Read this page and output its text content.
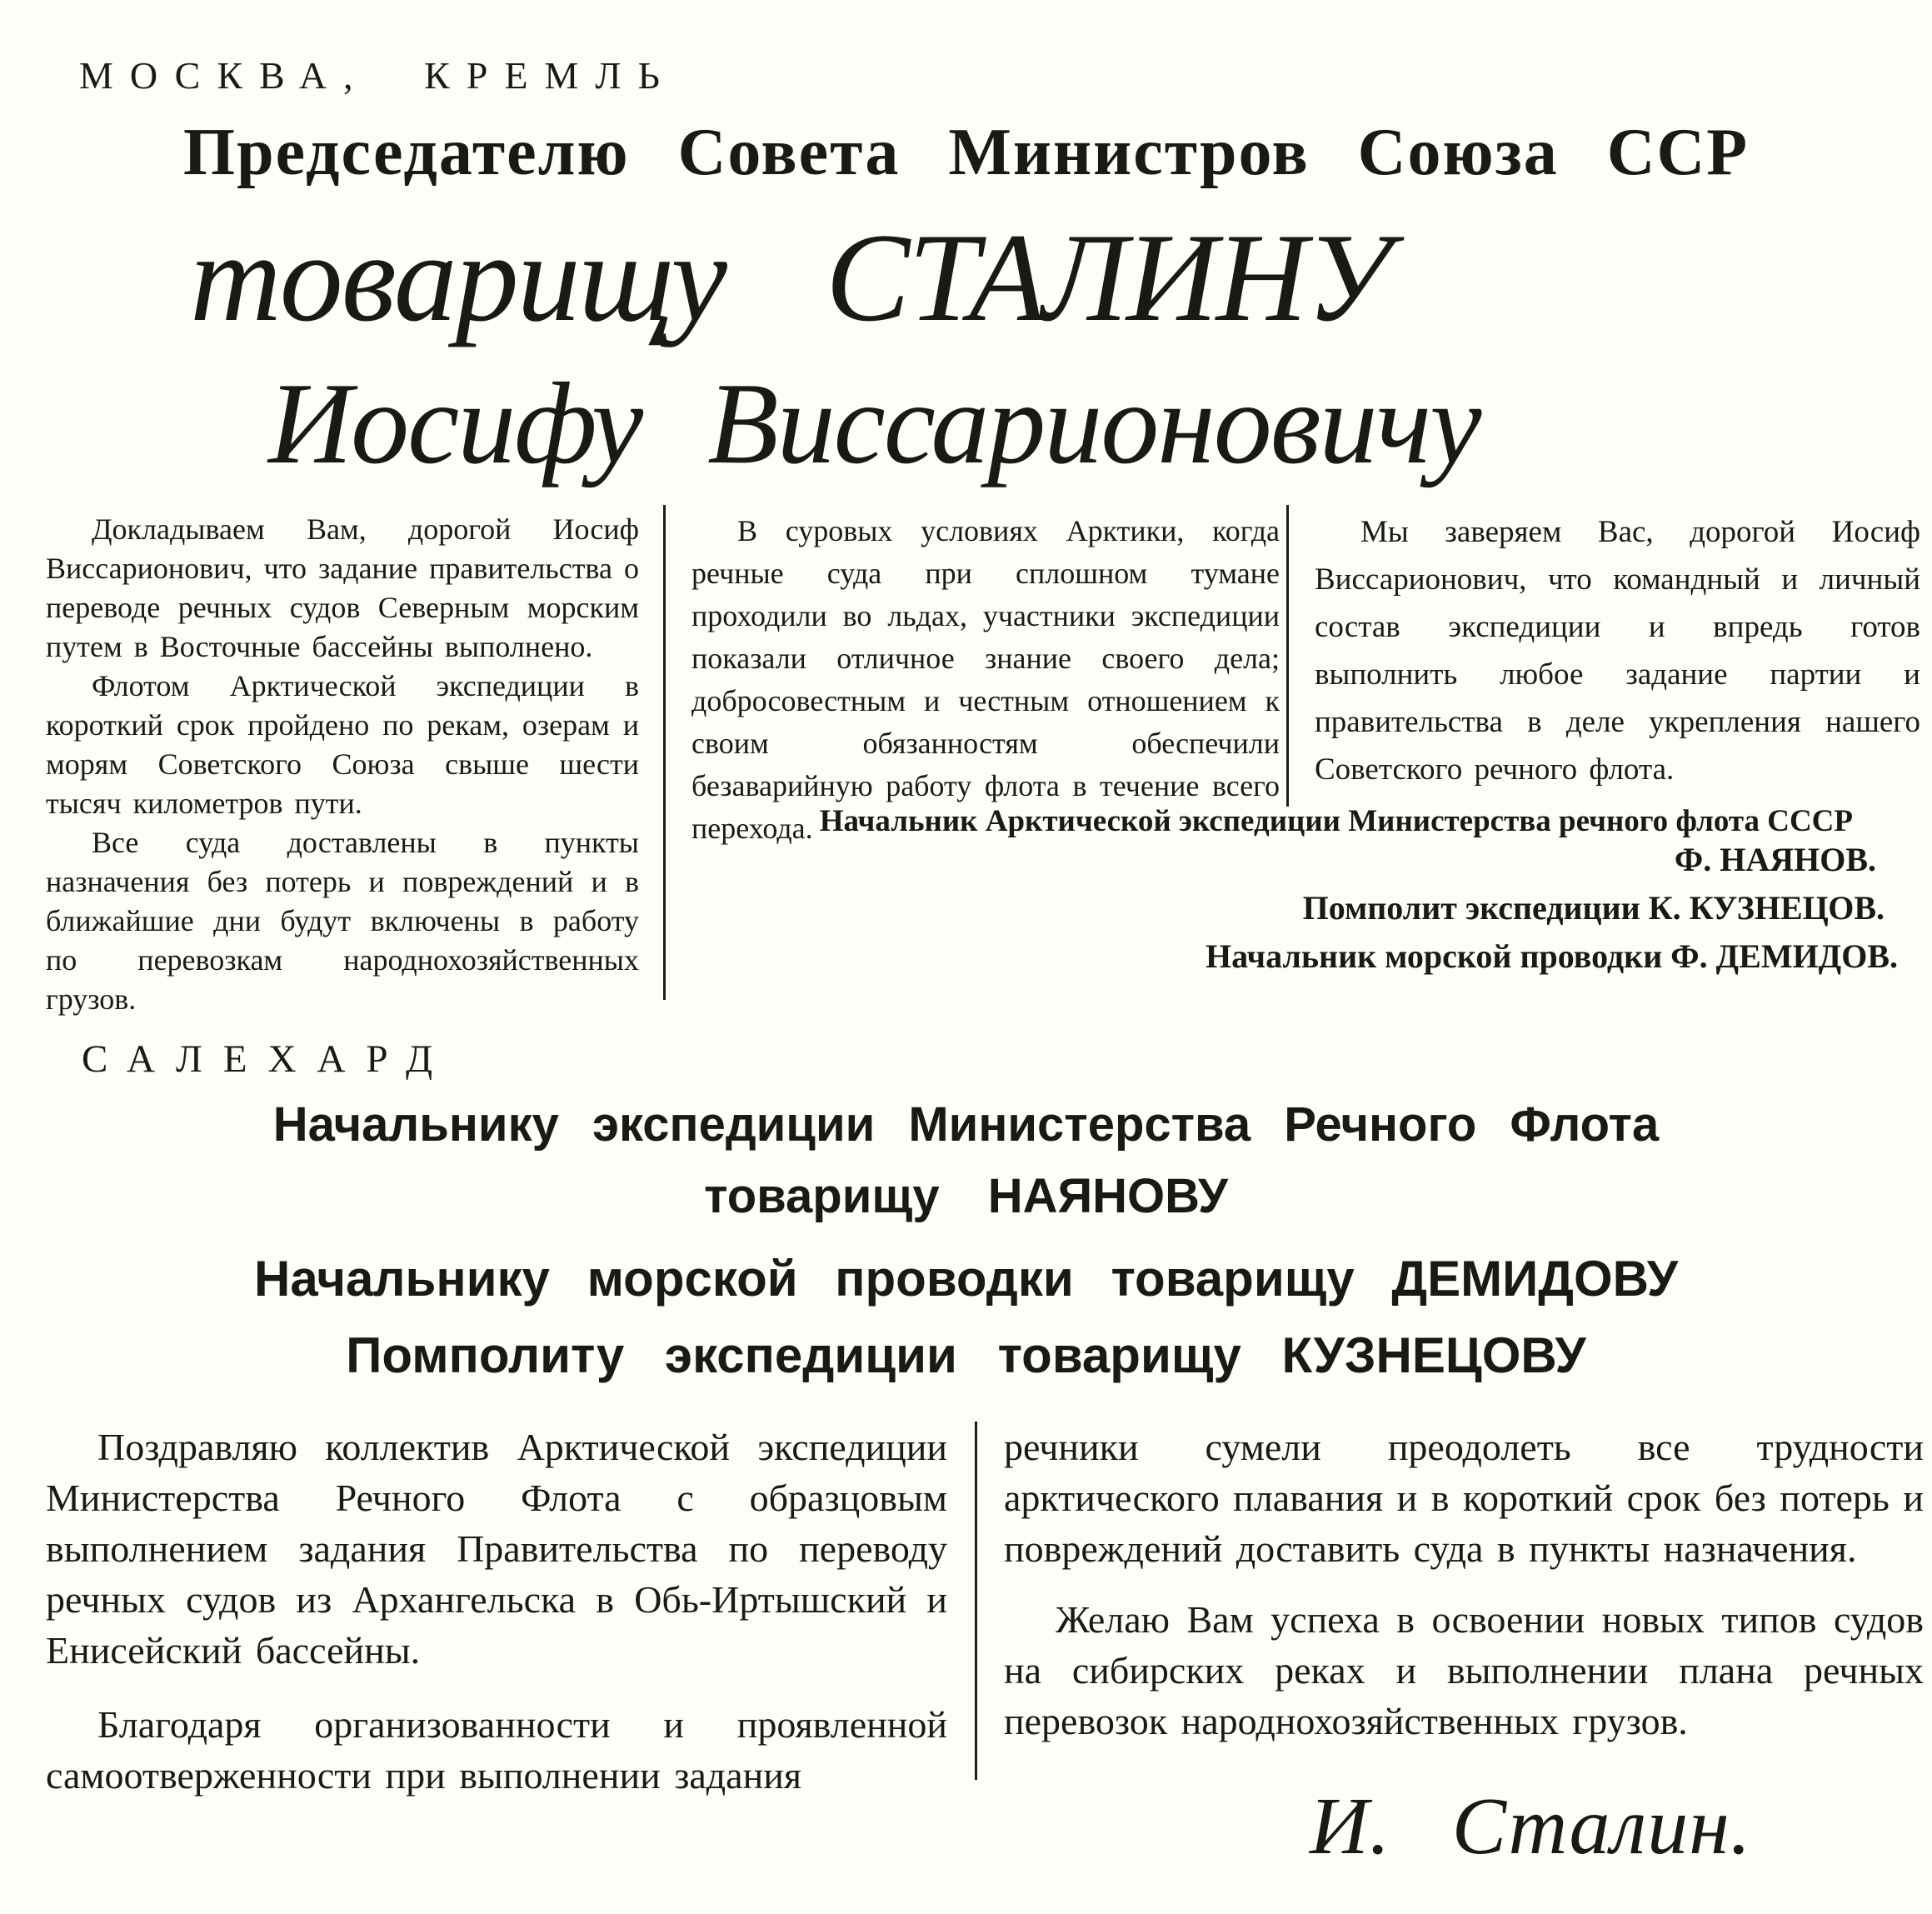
МОСКВА, КРЕМЛЬ
Председателю Совета Министров Союза ССР
товарищу СТАЛИНУ
Иосифу Виссарионовичу

Докладываем Вам, дорогой Иосиф Виссарионович, что задание правительства о переводе речных судов Северным морским путем в Восточные бассейны выполнено.

Флотом Арктической экспедиции в короткий срок пройдено по рекам, озерам и морям Советского Союза свыше шести тысяч километров пути.

Все суда доставлены в пункты назначения без потерь и повреждений и в ближайшие дни будут включены в работу по перевозкам народнохозяйственных грузов.

В суровых условиях Арктики, когда речные суда при сплошном тумане проходили во льдах, участники экспедиции показали отличное знание своего дела; добросовестным и честным отношением к своим обязанностям обеспечили безаварийную работу флота в течение всего перехода.

Мы заверяем Вас, дорогой Иосиф Виссарионович, что командный и личный состав экспедиции и впредь готов выполнить любое задание партии и правительства в деле укрепления нашего Советского речного флота.

Начальник Арктической экспедиции Министерства речного флота СССР
Ф. НАЯНОВ.
Помполит экспедиции К. КУЗНЕЦОВ.
Начальник морской проводки Ф. ДЕМИДОВ.
САЛЕХАРД
Начальнику экспедиции Министерства Речного Флота
товарищу НАЯНОВУ
Начальнику морской проводки товарищу ДЕМИДОВУ
Помполиту экспедиции товарищу КУЗНЕЦОВУ

Поздравляю коллектив Арктической экспедиции Министерства Речного Флота с образцовым выполнением задания Правительства по переводу речных судов из Архангельска в Обь-Иртышский и Енисейский бассейны.

Благодаря организованности и проявленной самоотверженности при выполнении задания

речники сумели преодолеть все трудности арктического плавания и в короткий срок без потерь и повреждений доставить суда в пункты назначения.

Желаю Вам успеха в освоении новых типов судов на сибирских реках и выполнении плана речных перевозок народнохозяйственных грузов.

И. Сталин.
